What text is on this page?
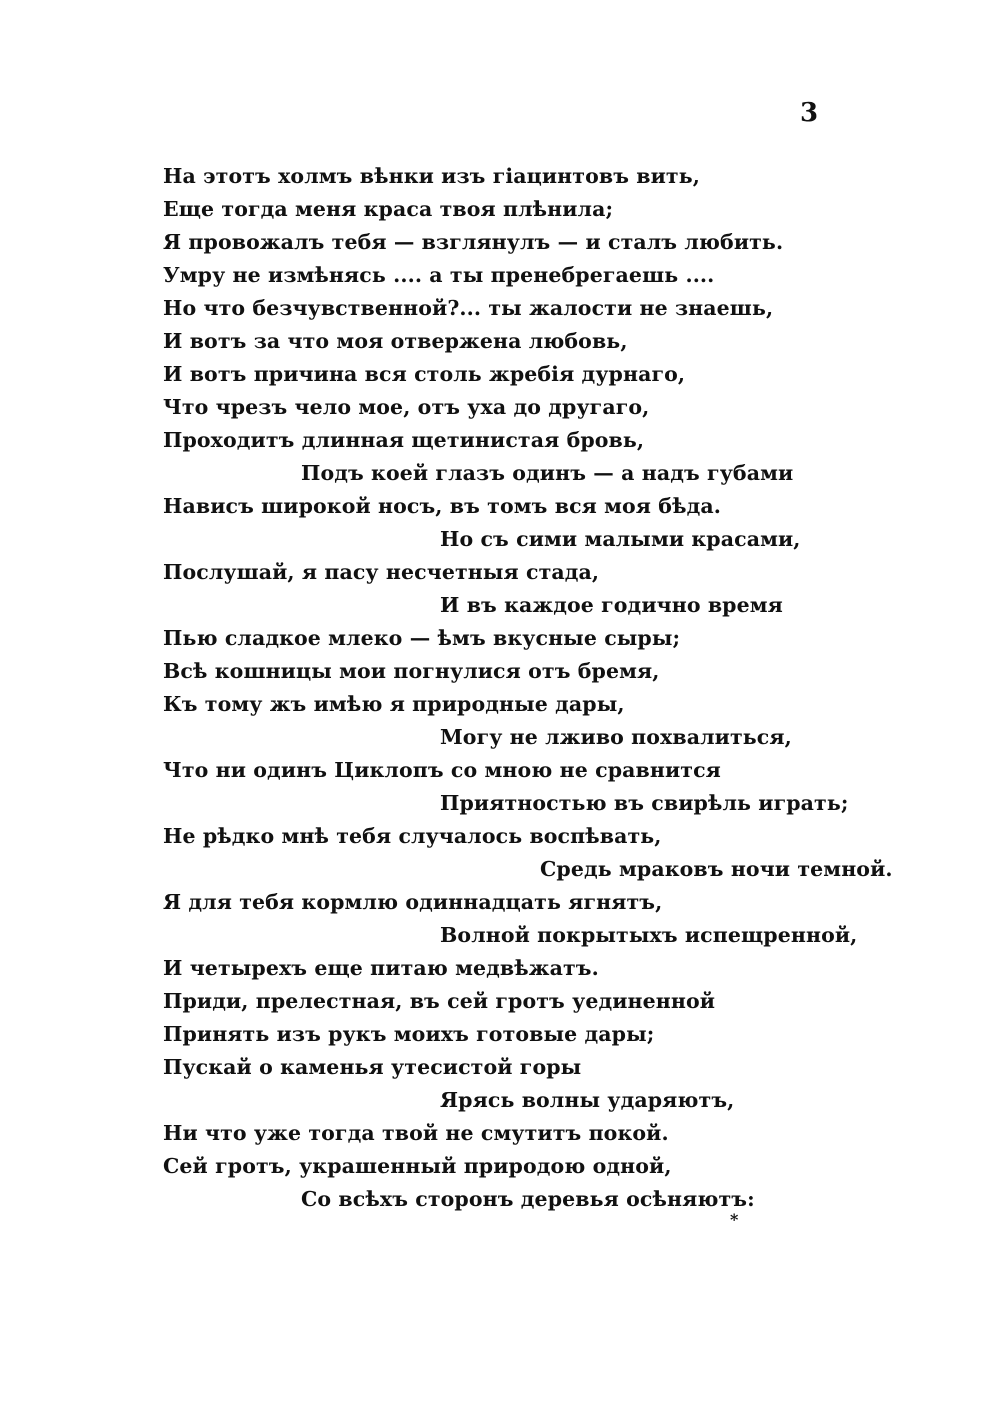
3
На этотъ холмъ вѣнки изъ гіацинтовъ вить,
Еще тогда меня краса твоя плѣнила;
Я провожалъ тебя — взглянулъ — и сталъ любить.
Умру не измѣнясь .... а ты пренебрегаешь ....
Но что безчувственной?... ты жалости не знаешь,
И вотъ за что моя отвержена любовь,
И вотъ причина вся столь жребія дурнаго,
Что чрезъ чело мое, отъ уха до другаго,
Проходитъ длинная щетинистая бровь,
Подъ коей глазъ одинъ — а надъ губами
Нависъ широкой носъ, въ томъ вся моя бѣда.
Но съ сими малыми красами,
Послушай, я пасу несчетныя стада,
И въ каждое годично время
Пью сладкое млеко — ѣмъ вкусные сыры;
Всѣ кошницы мои погнулися отъ бремя,
Къ тому жъ имѣю я природные дары,
Могу не лживо похвалиться,
Что ни одинъ Циклопъ со мною не сравнится
Приятностью въ свирѣль играть;
Не рѣдко мнѣ тебя случалось воспѣвать,
Средь мраковъ ночи темной.
Я для тебя кормлю одиннадцать ягнятъ,
Волной покрытыхъ испещренной,
И четырехъ еще питаю медвѣжатъ.
Приди, прелестная, въ сей гротъ уединенной
Принять изъ рукъ моихъ готовые дары;
Пускай о каменья утесистой горы
Ярясь волны ударяютъ,
Ни что уже тогда твой не смутитъ покой.
Сей гротъ, украшенный природою одной,
Со всѣхъ сторонъ деревья осѣняютъ:
*
